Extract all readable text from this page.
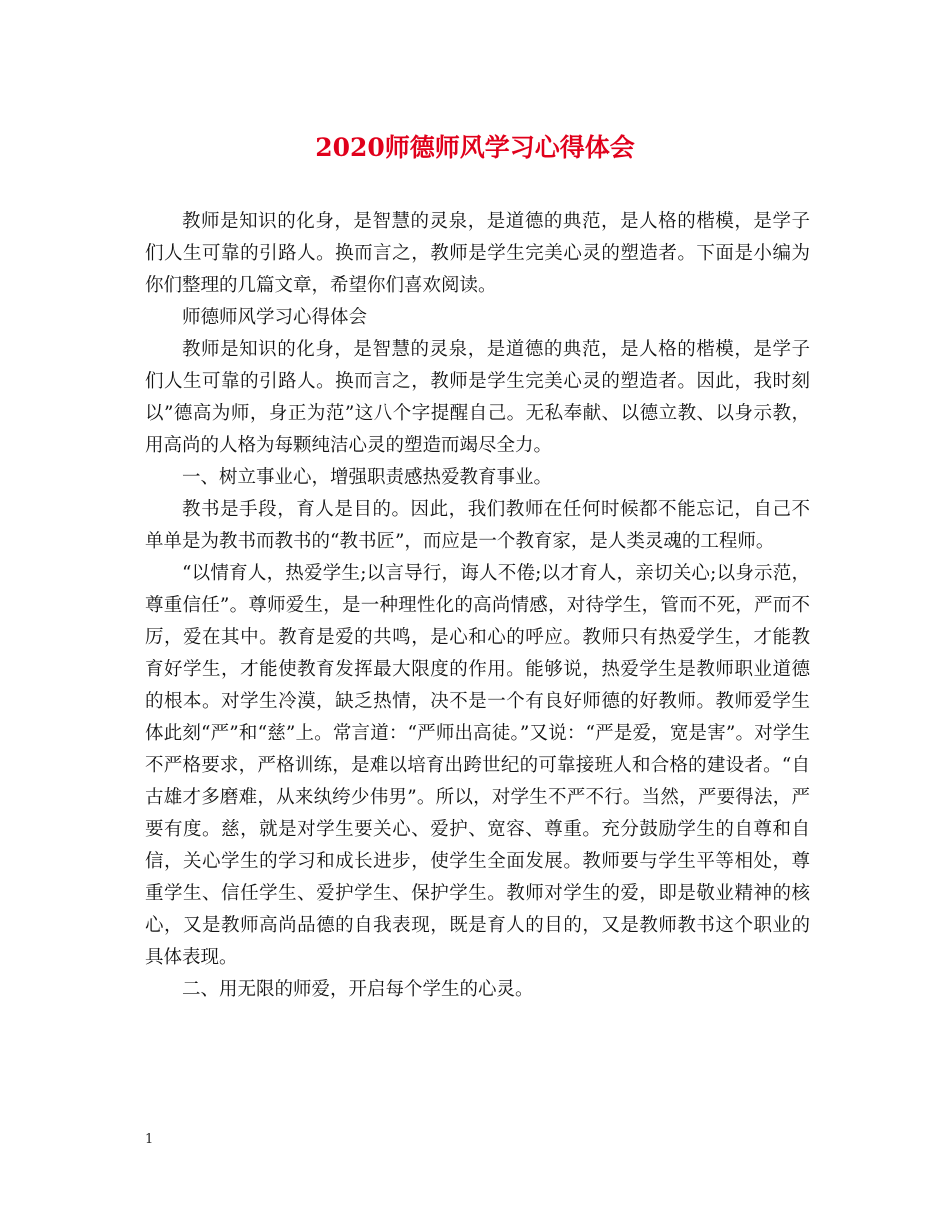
2020师德师风学习心得体会

教师是知识的化身，是智慧的灵泉，是道德的典范，是人格的楷模，是学子们人生可靠的引路人。换而言之，教师是学生完美心灵的塑造者。下面是小编为你们整理的几篇文章，希望你们喜欢阅读。

师德师风学习心得体会

教师是知识的化身，是智慧的灵泉，是道德的典范，是人格的楷模，是学子们人生可靠的引路人。换而言之，教师是学生完美心灵的塑造者。因此，我时刻以”德高为师，身正为范”这八个字提醒自己。无私奉献、以德立教、以身示教，用高尚的人格为每颗纯洁心灵的塑造而竭尽全力。

一、树立事业心，增强职责感热爱教育事业。

教书是手段，育人是目的。因此，我们教师在任何时候都不能忘记，自己不单单是为教书而教书的“教书匠”，而应是一个教育家，是人类灵魂的工程师。

“以情育人，热爱学生;以言导行，诲人不倦;以才育人，亲切关心;以身示范，尊重信任”。尊师爱生，是一种理性化的高尚情感，对待学生，管而不死，严而不厉，爱在其中。教育是爱的共鸣，是心和心的呼应。教师只有热爱学生，才能教育好学生，才能使教育发挥最大限度的作用。能够说，热爱学生是教师职业道德的根本。对学生冷漠，缺乏热情，决不是一个有良好师德的好教师。教师爱学生体此刻“严”和“慈”上。常言道：“严师出高徒。”又说：“严是爱，宽是害”。对学生不严格要求，严格训练，是难以培育出跨世纪的可靠接班人和合格的建设者。“自古雄才多磨难，从来纨绔少伟男”。所以，对学生不严不行。当然，严要得法，严要有度。慈，就是对学生要关心、爱护、宽容、尊重。充分鼓励学生的自尊和自信，关心学生的学习和成长进步，使学生全面发展。教师要与学生平等相处，尊重学生、信任学生、爱护学生、保护学生。教师对学生的爱，即是敬业精神的核心，又是教师高尚品德的自我表现，既是育人的目的，又是教师教书这个职业的具体表现。

二、用无限的师爱，开启每个学生的心灵。

1
